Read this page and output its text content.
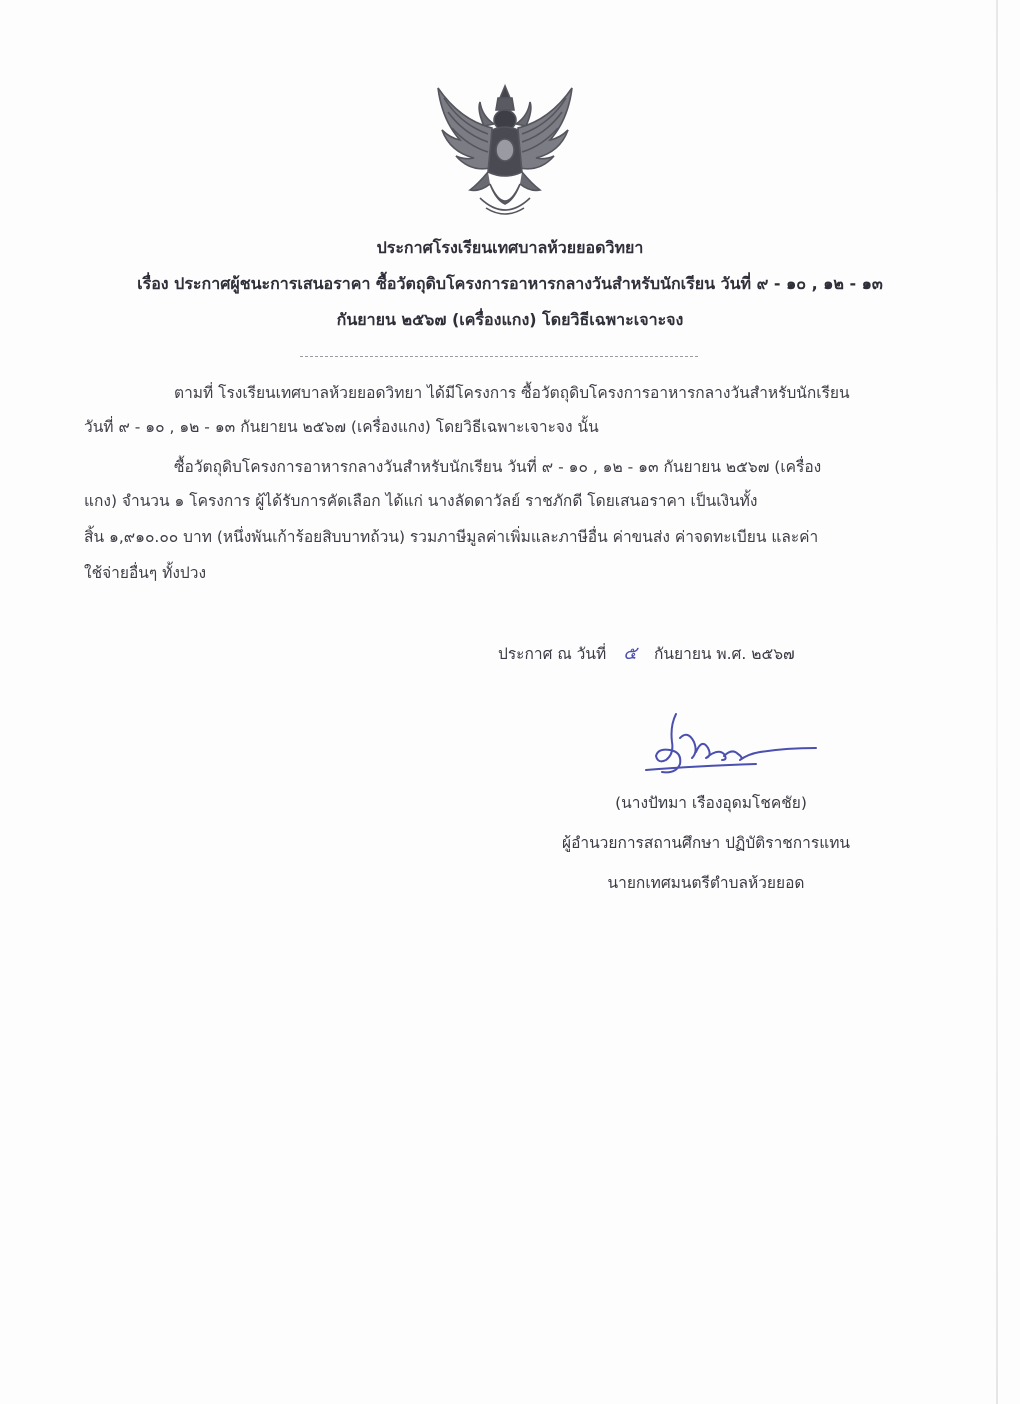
ประกาศโรงเรียนเทศบาลห้วยยอดวิทยา
เรื่อง ประกาศผู้ชนะการเสนอราคา ซื้อวัตถุดิบโครงการอาหารกลางวันสำหรับนักเรียน วันที่ ๙ - ๑๐ , ๑๒ - ๑๓
กันยายน ๒๕๖๗ (เครื่องแกง) โดยวิธีเฉพาะเจาะจง
ตามที่ โรงเรียนเทศบาลห้วยยอดวิทยา ได้มีโครงการ ซื้อวัตถุดิบโครงการอาหารกลางวันสำหรับนักเรียน
วันที่ ๙ - ๑๐ , ๑๒ - ๑๓ กันยายน ๒๕๖๗ (เครื่องแกง) โดยวิธีเฉพาะเจาะจง นั้น
ซื้อวัตถุดิบโครงการอาหารกลางวันสำหรับนักเรียน วันที่ ๙ - ๑๐ , ๑๒ - ๑๓ กันยายน ๒๕๖๗ (เครื่อง
แกง) จำนวน ๑ โครงการ ผู้ได้รับการคัดเลือก ได้แก่ นางลัดดาวัลย์ ราชภักดี โดยเสนอราคา เป็นเงินทั้ง
สิ้น ๑,๙๑๐.๐๐ บาท (หนึ่งพันเก้าร้อยสิบบาทถ้วน) รวมภาษีมูลค่าเพิ่มและภาษีอื่น ค่าขนส่ง ค่าจดทะเบียน และค่า
ใช้จ่ายอื่นๆ ทั้งปวง
ประกาศ ณ วันที่ ๕ กันยายน พ.ศ. ๒๕๖๗
(นางปัทมา เรืองอุดมโชคชัย)
ผู้อำนวยการสถานศึกษา ปฏิบัติราชการแทน
นายกเทศมนตรีตำบลห้วยยอด
